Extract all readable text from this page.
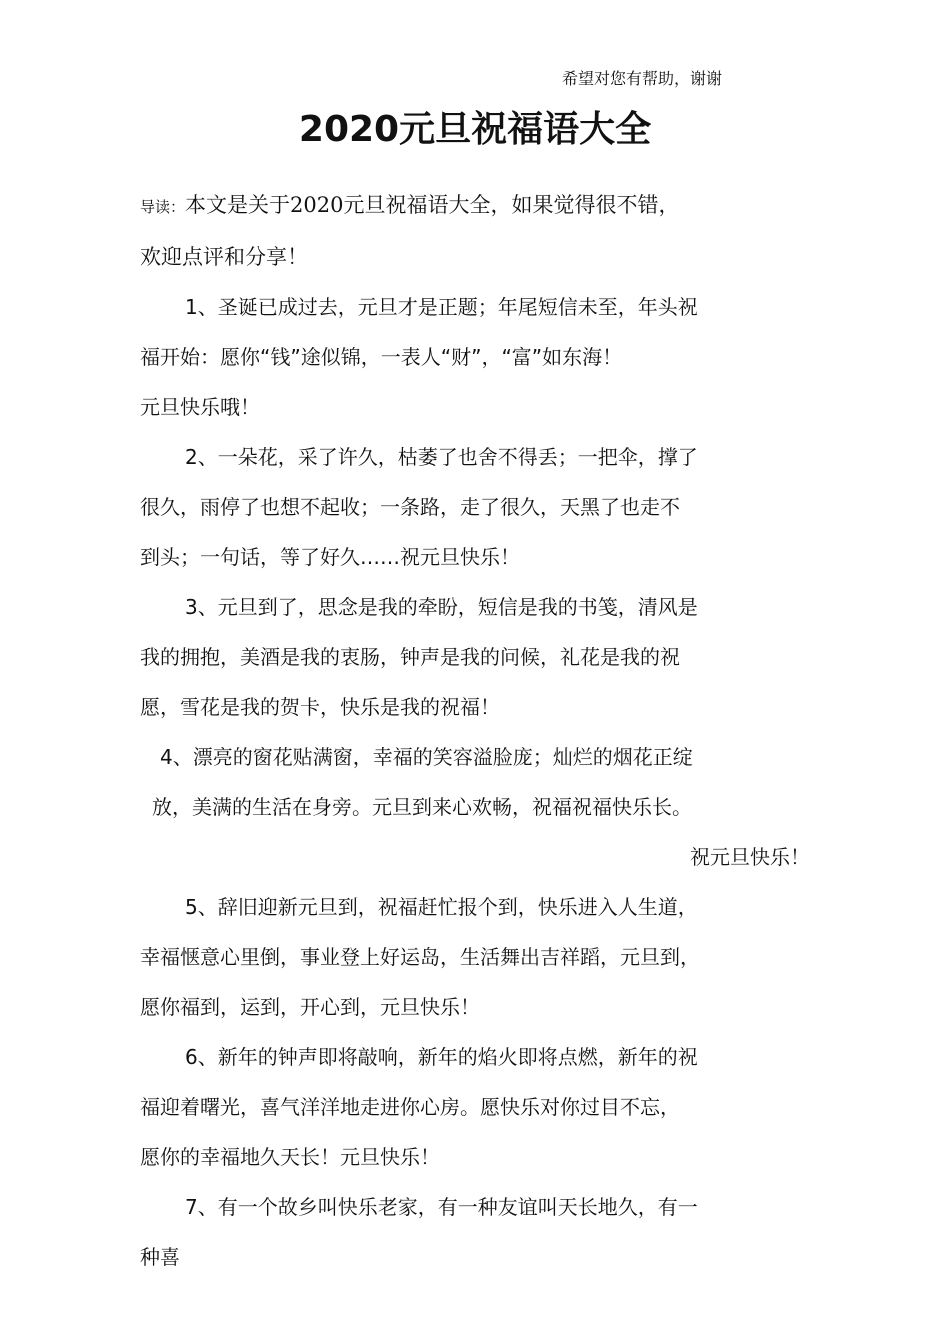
希望对您有帮助，谢谢
2020元旦祝福语大全

导读：本文是关于2020元旦祝福语大全，如果觉得很不错，

欢迎点评和分享！

1、圣诞已成过去，元旦才是正题；年尾短信未至，年头祝

福开始：愿你“钱”途似锦，一表人“财”，“富”如东海！

元旦快乐哦！

2、一朵花，采了许久，枯萎了也舍不得丢；一把伞，撑了

很久，雨停了也想不起收；一条路，走了很久，天黑了也走不

到头；一句话，等了好久……祝元旦快乐！

3、元旦到了，思念是我的牵盼，短信是我的书笺，清风是

我的拥抱，美酒是我的衷肠，钟声是我的问候，礼花是我的祝

愿，雪花是我的贺卡，快乐是我的祝福！

4、漂亮的窗花贴满窗，幸福的笑容溢脸庞；灿烂的烟花正绽

放，美满的生活在身旁。元旦到来心欢畅，祝福祝福快乐长。

祝元旦快乐！

5、辞旧迎新元旦到，祝福赶忙报个到，快乐进入人生道，

幸福惬意心里倒，事业登上好运岛，生活舞出吉祥蹈，元旦到，

愿你福到，运到，开心到，元旦快乐！

6、新年的钟声即将敲响，新年的焰火即将点燃，新年的祝

福迎着曙光，喜气洋洋地走进你心房。愿快乐对你过目不忘，

愿你的幸福地久天长！元旦快乐！

7、有一个故乡叫快乐老家，有一种友谊叫天长地久，有一

种喜
